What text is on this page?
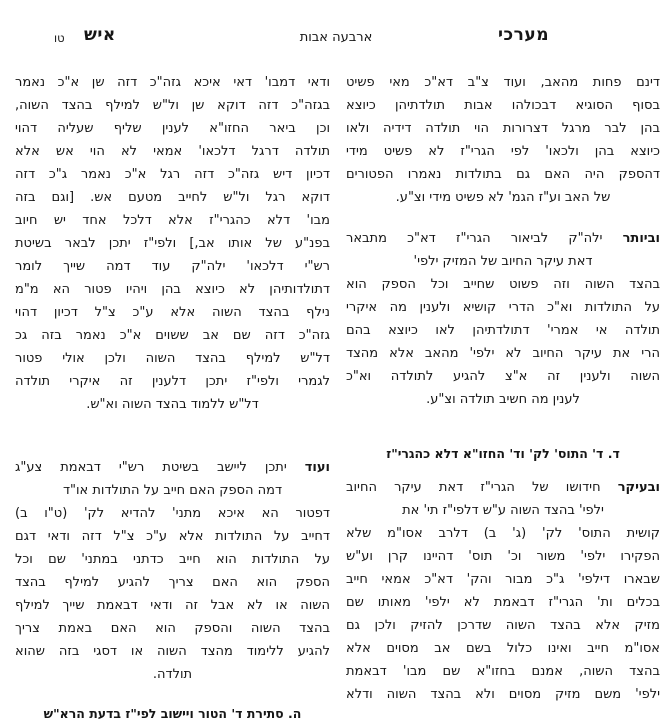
מערכי
ארבעה אבות
איש
טו
דינם פחות מהאב, ועוד צ"ב דא"כ מאי פשיט
בסוף הסוגיא דבכולהו אבות תולדתיהן כיוצא
בהן לבר מרגל דצרורות הוי תולדה דידיה ולאו
כיוצא בהן ולכאו' לפי הגרי"ז לא פשיט מידי
דהספק היה האם גם בתולדות נאמרו הפטורים
של האב וע"ז הגמ' לא פשיט מידי וצ"ע.
וביותר ילה"ק לביאור הגרי"ז דא"כ מתבאר
דאת עיקר החיוב של המזיק ילפי'
בהצד השוה וזה פשוט שחייב וכל הספק הוא
על התולדות וא"כ הדרי קושיא ולענין מה איקרי
תולדה אי אמרי' דתולדתיהן לאו כיוצא בהם
הרי את עיקר החיוב לא ילפי' מהאב אלא מהצד
השוה ולענין זה א"צ להגיע לתולדה וא"כ
לענין מה חשיב תולדה וצ"ע.
ד. ד' התוס' לק' וד' החזו"א דלא כהגרי"ז
ובעיקר חידושו של הגרי"ז דאת עיקר החיוב
ילפי' בהצד השוה ע"ש דלפי"ז תי' את
קושית התוס' לק' (ג' ב) דלרב אסו"מ שלא
הפקירו ילפי' משור וכ' תוס' דהיינו קרן וע"ש
שבארו דילפי' ג"כ מבור והק' דא"כ אמאי חייב
בכלים ות' הגרי"ז דבאמת לא ילפי' מאותו שם
מזיק אלא בהצד השוה שדרכן להזיק ולכן גם
אסו"מ חייב ואינו כלול בשם אב מסוים אלא
בהצד השוה, אמנם בחזו"א שם מבו' דבאמת
ילפי' משם מזיק מסוים ולא בהצד השוה ודלא
ודאי דמבו' דאי איכא גזה"כ דזה שן א"כ נאמר
בגזה"כ דזה דוקא שן ול"ש למילף בהצד השוה,
וכן ביאר החזו"א לענין שליף שעליה דהוי
תולדה דרגל דלכאו' אמאי לא הוי אש אלא
דכיון דיש גזה"כ דזה רגל א"כ נאמר ג"כ דזה
דוקא רגל ול"ש לחייב מטעם אש. [וגם בזה
מבו' דלא כהגרי"ז אלא דלכל אחד יש חיוב
בפנ"ע של אותו אב,] ולפי"ז יתכן לבאר בשיטת
רש"י דלכאו' ילה"ק עוד דמה שייך לומר
דתולדותיהן לא כיוצא בהן ויהיו פטור הא מ"מ
נילף בהצד השוה אלא ע"כ צ"ל דכיון דהוי
גזה"כ דזה שם אב ששוים א"כ נאמר בזה גכ
דל"ש למילף בהצד השוה ולכן אולי פטור
לגמרי ולפי"ז יתכן דלענין זה איקרי תולדה
דל"ש ללמוד בהצד השוה וא"ש.
ועוד יתכן ליישב בשיטת רש"י דבאמת צע"ג
דמה הספק האם חייב על התולדות או"ד
דפטור הא איכא מתני' להדיא לק' (ט"ו ב)
דחייב על התולדות אלא ע"כ צ"ל דזה ודאי דגם
על התולדות הוא חייב כדתני במתני' שם וכל
הספק הוא האם צריך להגיע למילף בהצד
השוה או לא אבל זה ודאי דבאמת שייך למילף
בהצד השוה והספק הוא האם באמת צריך
להגיע ללימוד מהצד השוה או דסגי בזה שהוא
תולדה.
ה. סתירת ד' הטור ויישוב לפי"ז בדעת הרא"ש
